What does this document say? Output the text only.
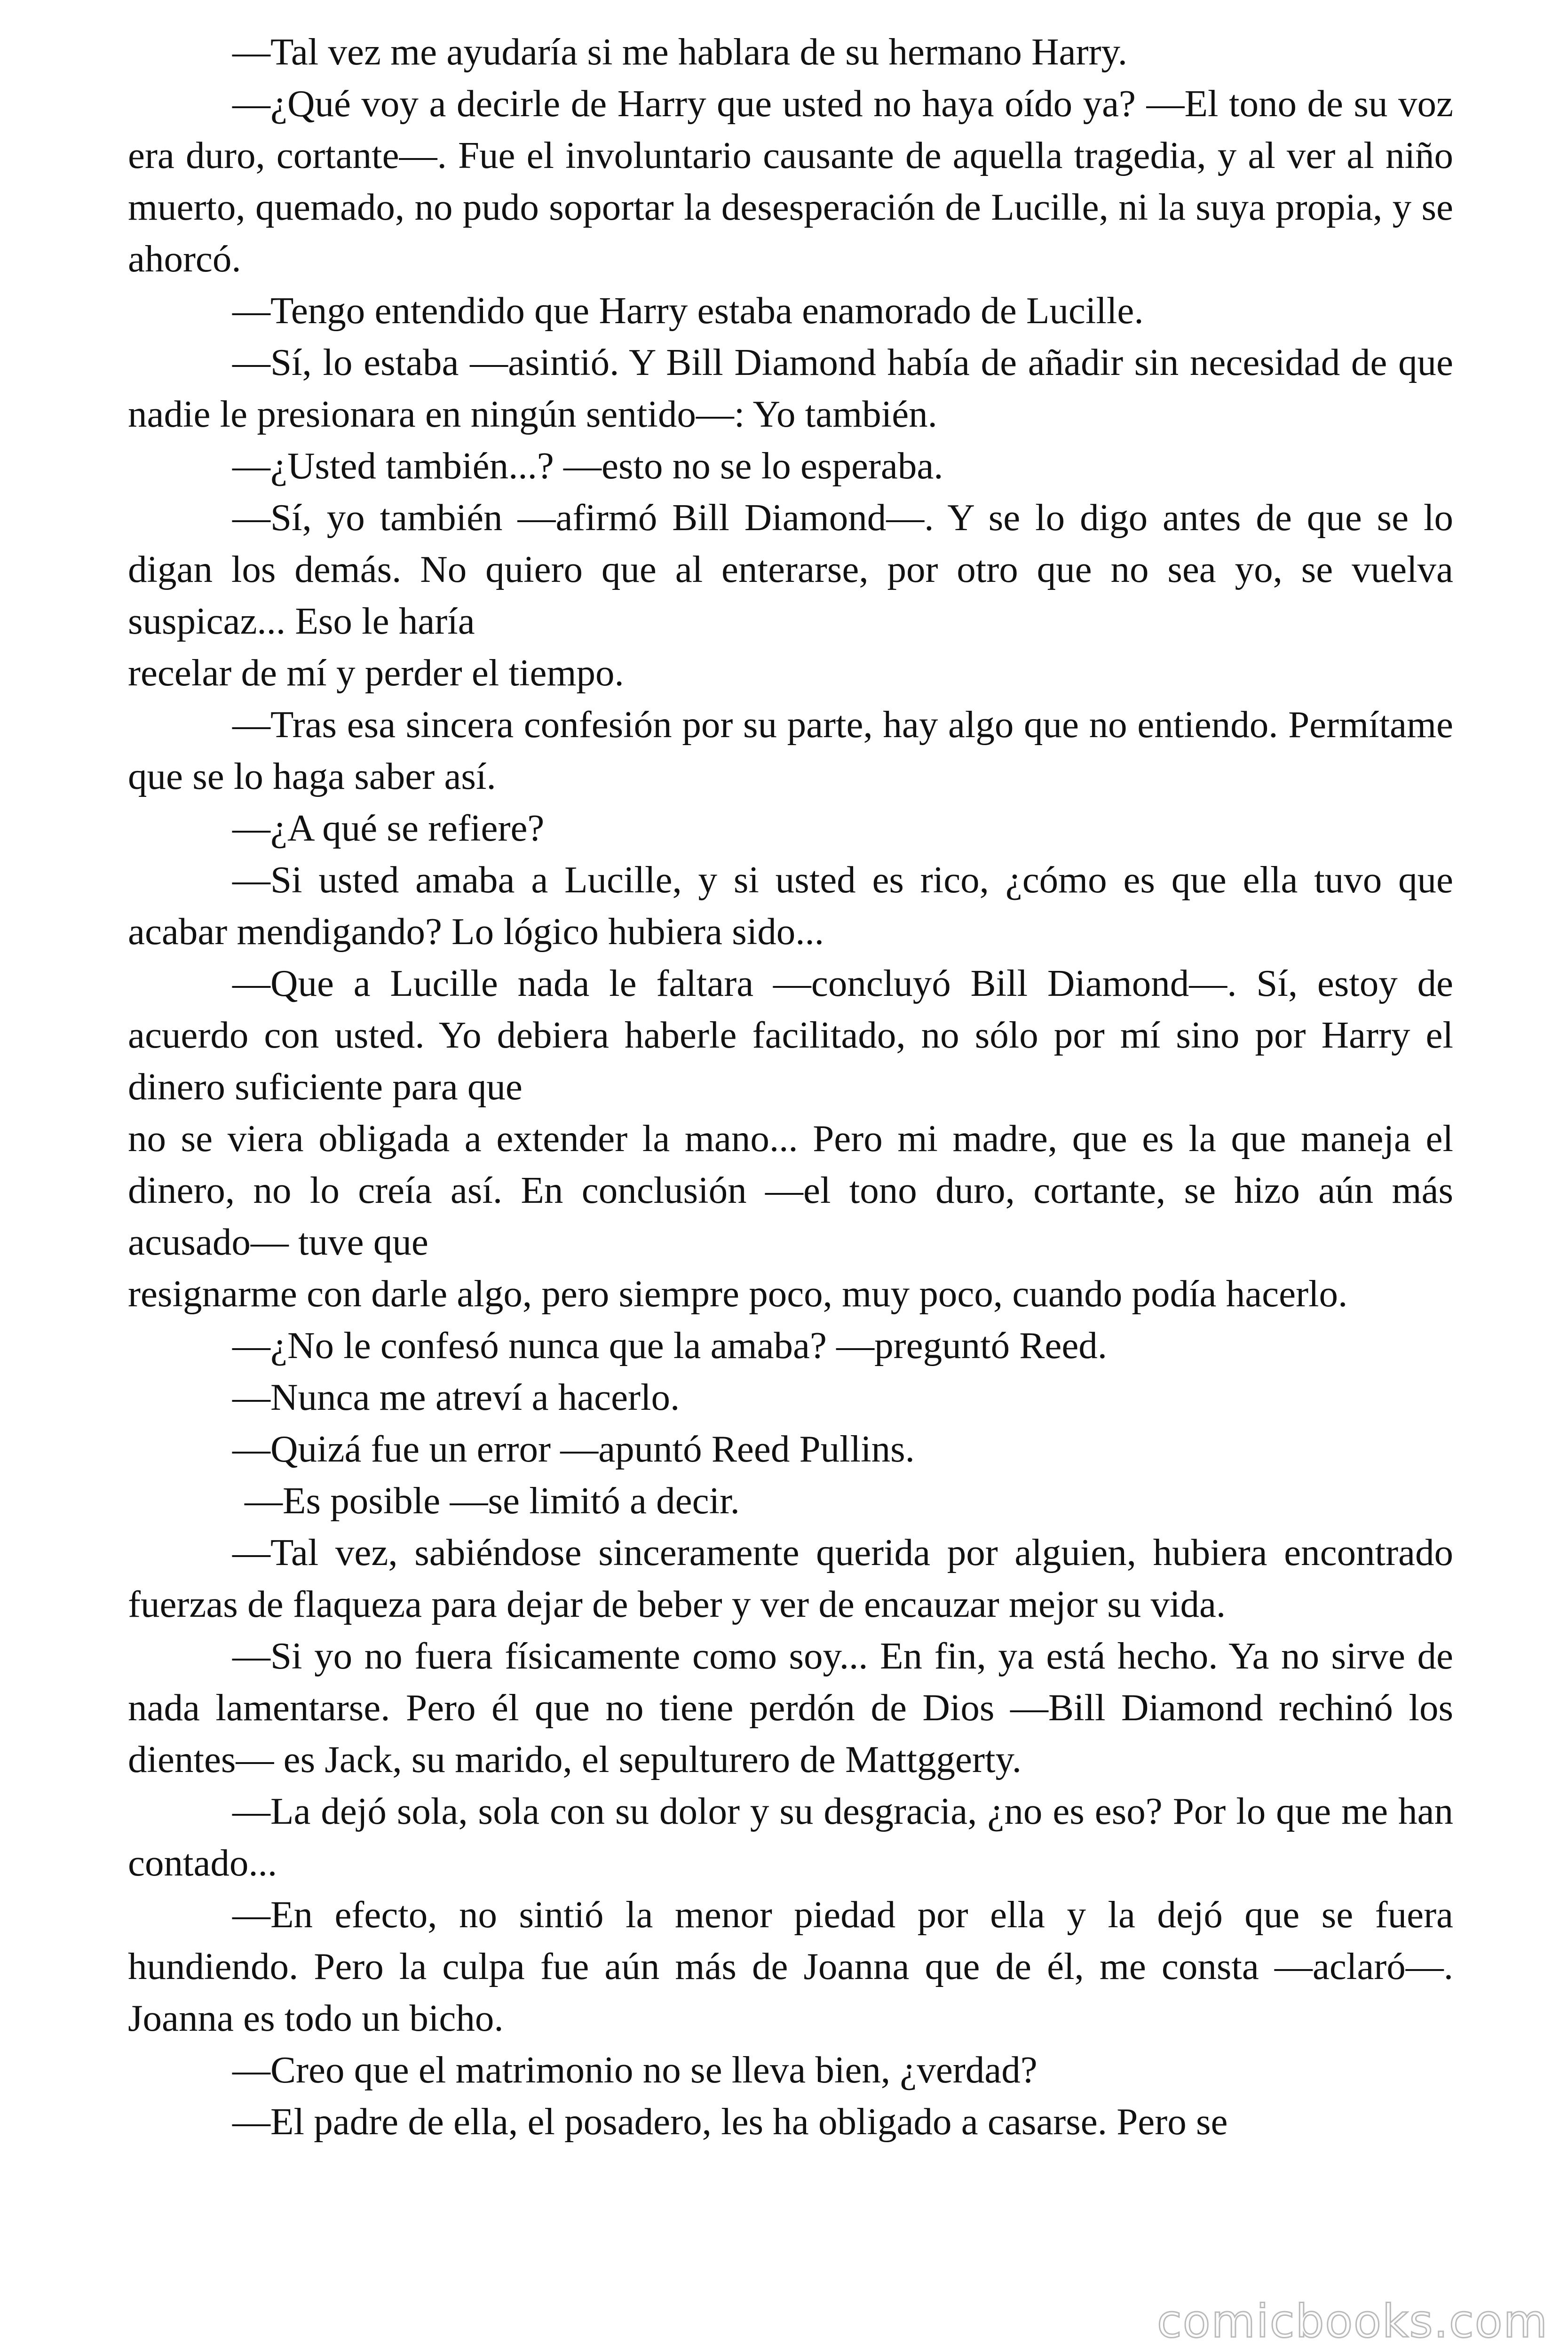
—Tal vez me ayudaría si me hablara de su hermano Harry.

—¿Qué voy a decirle de Harry que usted no haya oído ya? —El tono de su voz era duro, cortante—. Fue el involuntario causante de aquella tragedia, y al ver al niño muerto, quemado, no pudo soportar la desesperación de Lucille, ni la suya propia, y se ahorcó.

—Tengo entendido que Harry estaba enamorado de Lucille.

—Sí, lo estaba —asintió. Y Bill Diamond había de añadir sin necesidad de que nadie le presionara en ningún sentido—: Yo también.

—¿Usted también...? —esto no se lo esperaba.

—Sí, yo también —afirmó Bill Diamond—. Y se lo digo antes de que se lo digan los demás. No quiero que al enterarse, por otro que no sea yo, se vuelva suspicaz... Eso le haría

recelar de mí y perder el tiempo.

—Tras esa sincera confesión por su parte, hay algo que no entiendo. Permítame que se lo haga saber así.

—¿A qué se refiere?

—Si usted amaba a Lucille, y si usted es rico, ¿cómo es que ella tuvo que acabar mendigando? Lo lógico hubiera sido...

—Que a Lucille nada le faltara —concluyó Bill Diamond—. Sí, estoy de acuerdo con usted. Yo debiera haberle facilitado, no sólo por mí sino por Harry el dinero suficiente para que

no se viera obligada a extender la mano... Pero mi madre, que es la que maneja el dinero, no lo creía así. En conclusión —el tono duro, cortante, se hizo aún más acusado— tuve que

resignarme con darle algo, pero siempre poco, muy poco, cuando podía hacerlo.

—¿No le confesó nunca que la amaba? —preguntó Reed.

—Nunca me atreví a hacerlo.

—Quizá fue un error —apuntó Reed Pullins.

—Es posible —se limitó a decir.

—Tal vez, sabiéndose sinceramente querida por alguien, hubiera encontrado fuerzas de flaqueza para dejar de beber y ver de encauzar mejor su vida.

—Si yo no fuera físicamente como soy... En fin, ya está hecho. Ya no sirve de nada lamentarse. Pero él que no tiene perdón de Dios —Bill Diamond rechinó los dientes— es Jack, su marido, el sepulturero de Mattggerty.

—La dejó sola, sola con su dolor y su desgracia, ¿no es eso? Por lo que me han contado...

—En efecto, no sintió la menor piedad por ella y la dejó que se fuera hundiendo. Pero la culpa fue aún más de Joanna que de él, me consta —aclaró—. Joanna es todo un bicho.

—Creo que el matrimonio no se lleva bien, ¿verdad?

—El padre de ella, el posadero, les ha obligado a casarse. Pero se

comicbooks.com
